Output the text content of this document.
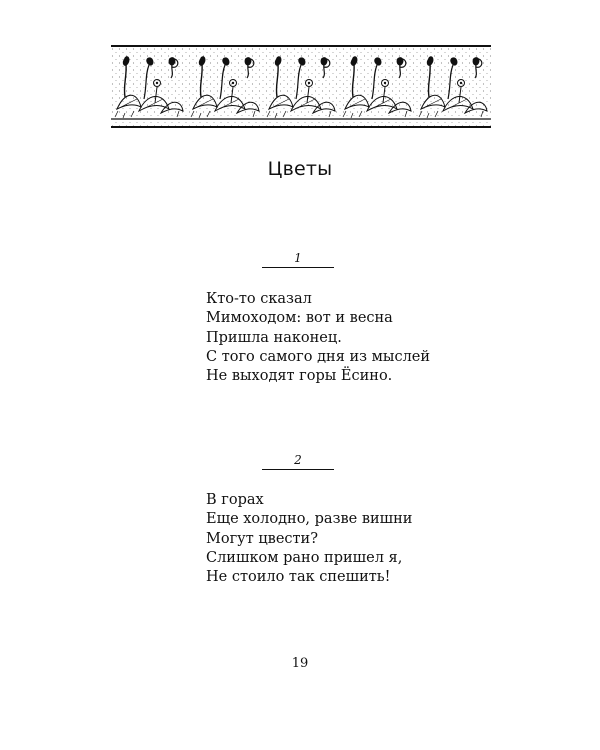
Цветы
1
Кто-то сказал
Мимоходом: вот и весна
Пришла наконец.
С того самого дня из мыслей
Не выходят горы Ёсино.
2
В горах
Еще холодно, разве вишни
Могут цвести?
Слишком рано пришел я,
Не стоило так спешить!
19
